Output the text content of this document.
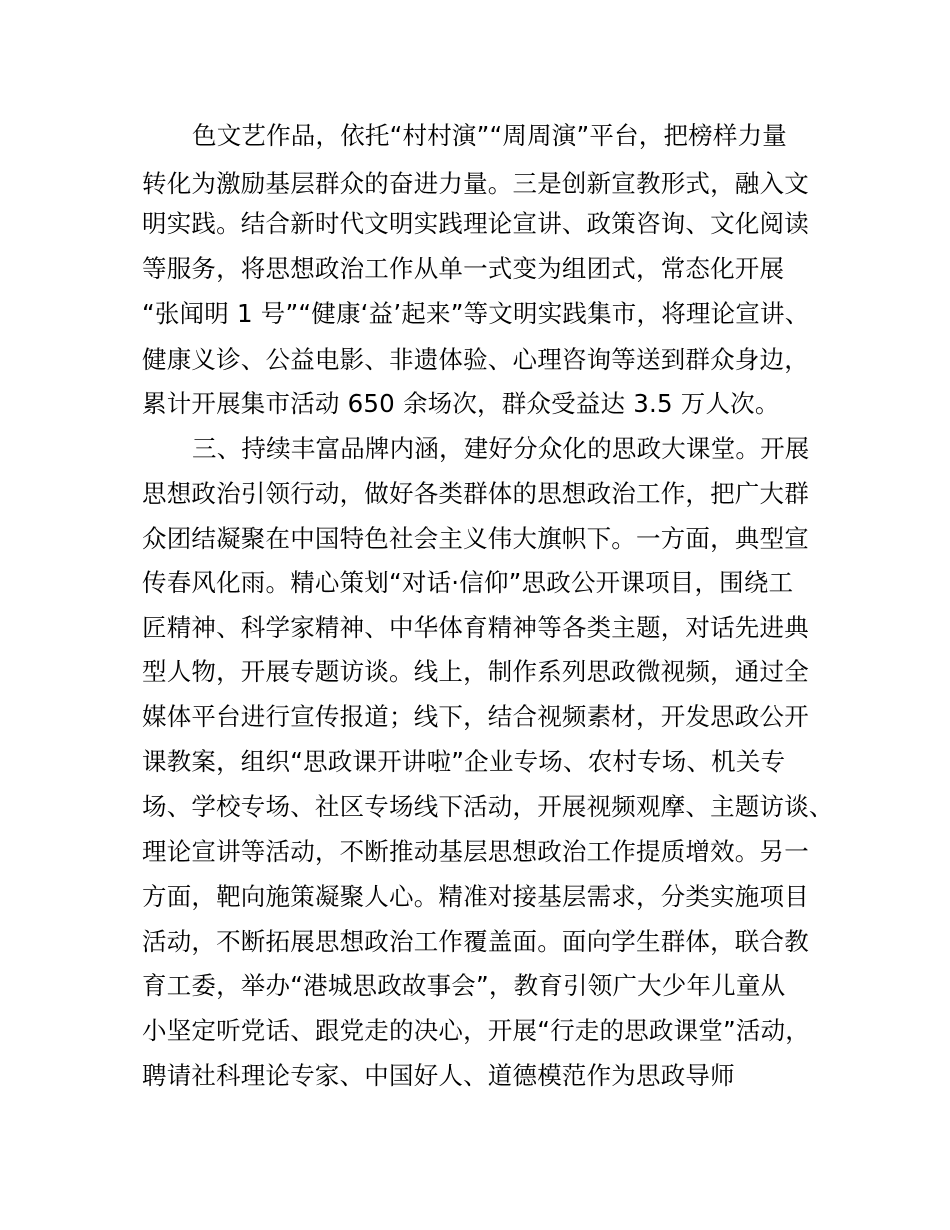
色文艺作品，依托“村村演”“周周演”平台，把榜样力量
转化为激励基层群众的奋进力量。三是创新宣教形式，融入文
明实践。结合新时代文明实践理论宣讲、政策咨询、文化阅读
等服务，将思想政治工作从单一式变为组团式，常态化开展
“张闻明 1 号”“健康‘益’起来”等文明实践集市，将理论宣讲、
健康义诊、公益电影、非遗体验、心理咨询等送到群众身边，
累计开展集市活动 650 余场次，群众受益达 3.5 万人次。
三、持续丰富品牌内涵，建好分众化的思政大课堂。开展
思想政治引领行动，做好各类群体的思想政治工作，把广大群
众团结凝聚在中国特色社会主义伟大旗帜下。一方面，典型宣
传春风化雨。精心策划“对话·信仰”思政公开课项目，围绕工
匠精神、科学家精神、中华体育精神等各类主题，对话先进典
型人物，开展专题访谈。线上，制作系列思政微视频，通过全
媒体平台进行宣传报道；线下，结合视频素材，开发思政公开
课教案，组织“思政课开讲啦”企业专场、农村专场、机关专
场、学校专场、社区专场线下活动，开展视频观摩、主题访谈、
理论宣讲等活动，不断推动基层思想政治工作提质增效。另一
方面，靶向施策凝聚人心。精准对接基层需求，分类实施项目
活动，不断拓展思想政治工作覆盖面。面向学生群体，联合教
育工委，举办“港城思政故事会”，教育引领广大少年儿童从
小坚定听党话、跟党走的决心，开展“行走的思政课堂”活动，
聘请社科理论专家、中国好人、道德模范作为思政导师
